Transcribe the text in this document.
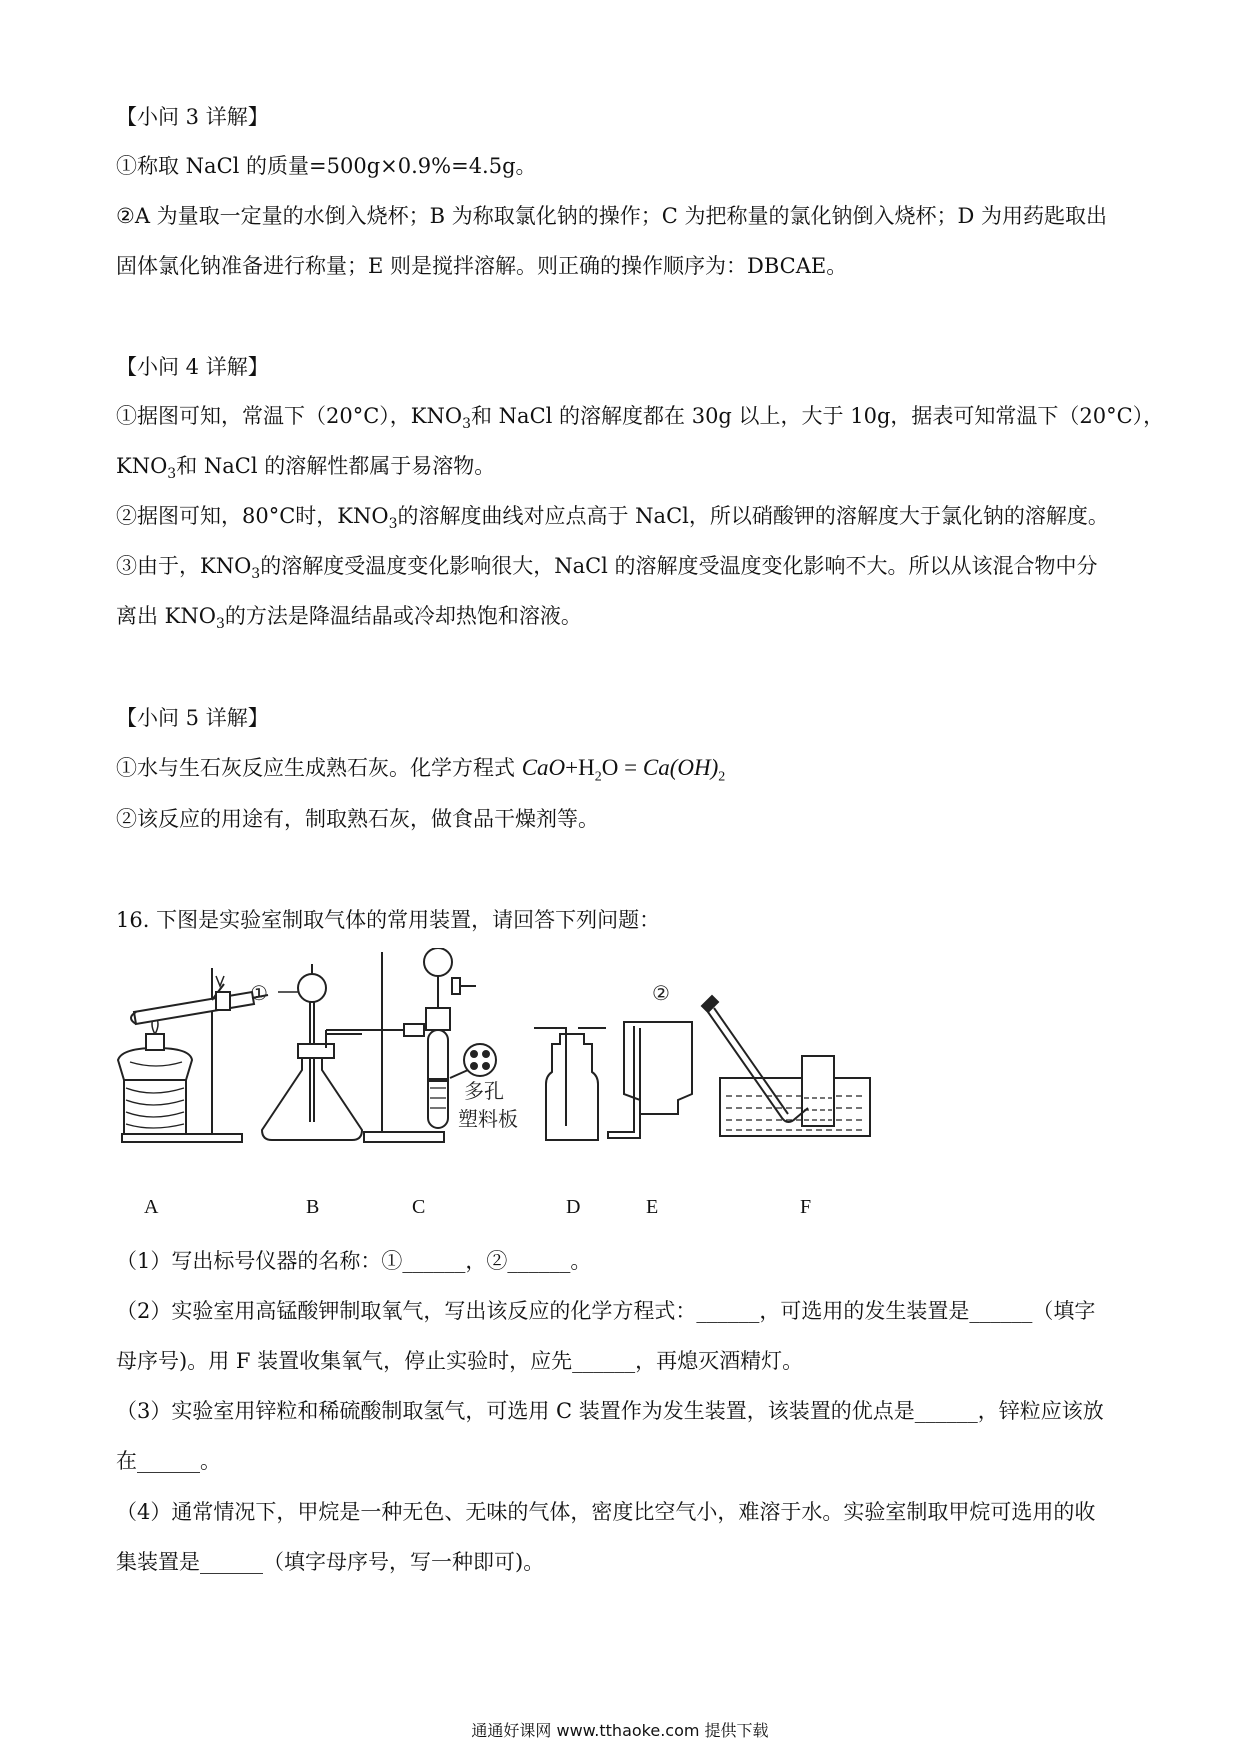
【小问 3 详解】
①称取 NaCl 的质量=500g×0.9%=4.5g。
②A 为量取一定量的水倒入烧杯；B 为称取氯化钠的操作；C 为把称量的氯化钠倒入烧杯；D 为用药匙取出
固体氯化钠准备进行称量；E 则是搅拌溶解。则正确的操作顺序为：DBCAE。
【小问 4 详解】
①据图可知，常温下（20°C），$KNO_3$和 NaCl 的溶解度都在 30g 以上，大于 10g，据表可知常温下（20°C），
$KNO_3$和 NaCl 的溶解性都属于易溶物。
②据图可知，80°C时，$KNO_3$的溶解度曲线对应点高于 NaCl，所以硝酸钾的溶解度大于氯化钠的溶解度。
③由于，$KNO_3$的溶解度受温度变化影响很大，NaCl 的溶解度受温度变化影响不大。所以从该混合物中分
离出 $KNO_3$的方法是降温结晶或冷却热饱和溶液。
【小问 5 详解】
①水与生石灰反应生成熟石灰。化学方程式 $CaO+H_2O = Ca(OH)_2$
②该反应的用途有，制取熟石灰，做食品干燥剂等。
16. 下图是实验室制取气体的常用装置，请回答下列问题：
①
多孔
塑料板
②
A	B	C	D	E	F
（1）写出标号仪器的名称：①______，②______。
（2）实验室用高锰酸钾制取氧气，写出该反应的化学方程式：______，可选用的发生装置是______（填字
母序号)。用 F 装置收集氧气，停止实验时，应先______，再熄灭酒精灯。
（3）实验室用锌粒和稀硫酸制取氢气，可选用 C 装置作为发生装置，该装置的优点是______，锌粒应该放
在______。
（4）通常情况下，甲烷是一种无色、无味的气体，密度比空气小，难溶于水。实验室制取甲烷可选用的收
集装置是______（填字母序号，写一种即可)。
通通好课网 www.tthaoke.com 提供下载
